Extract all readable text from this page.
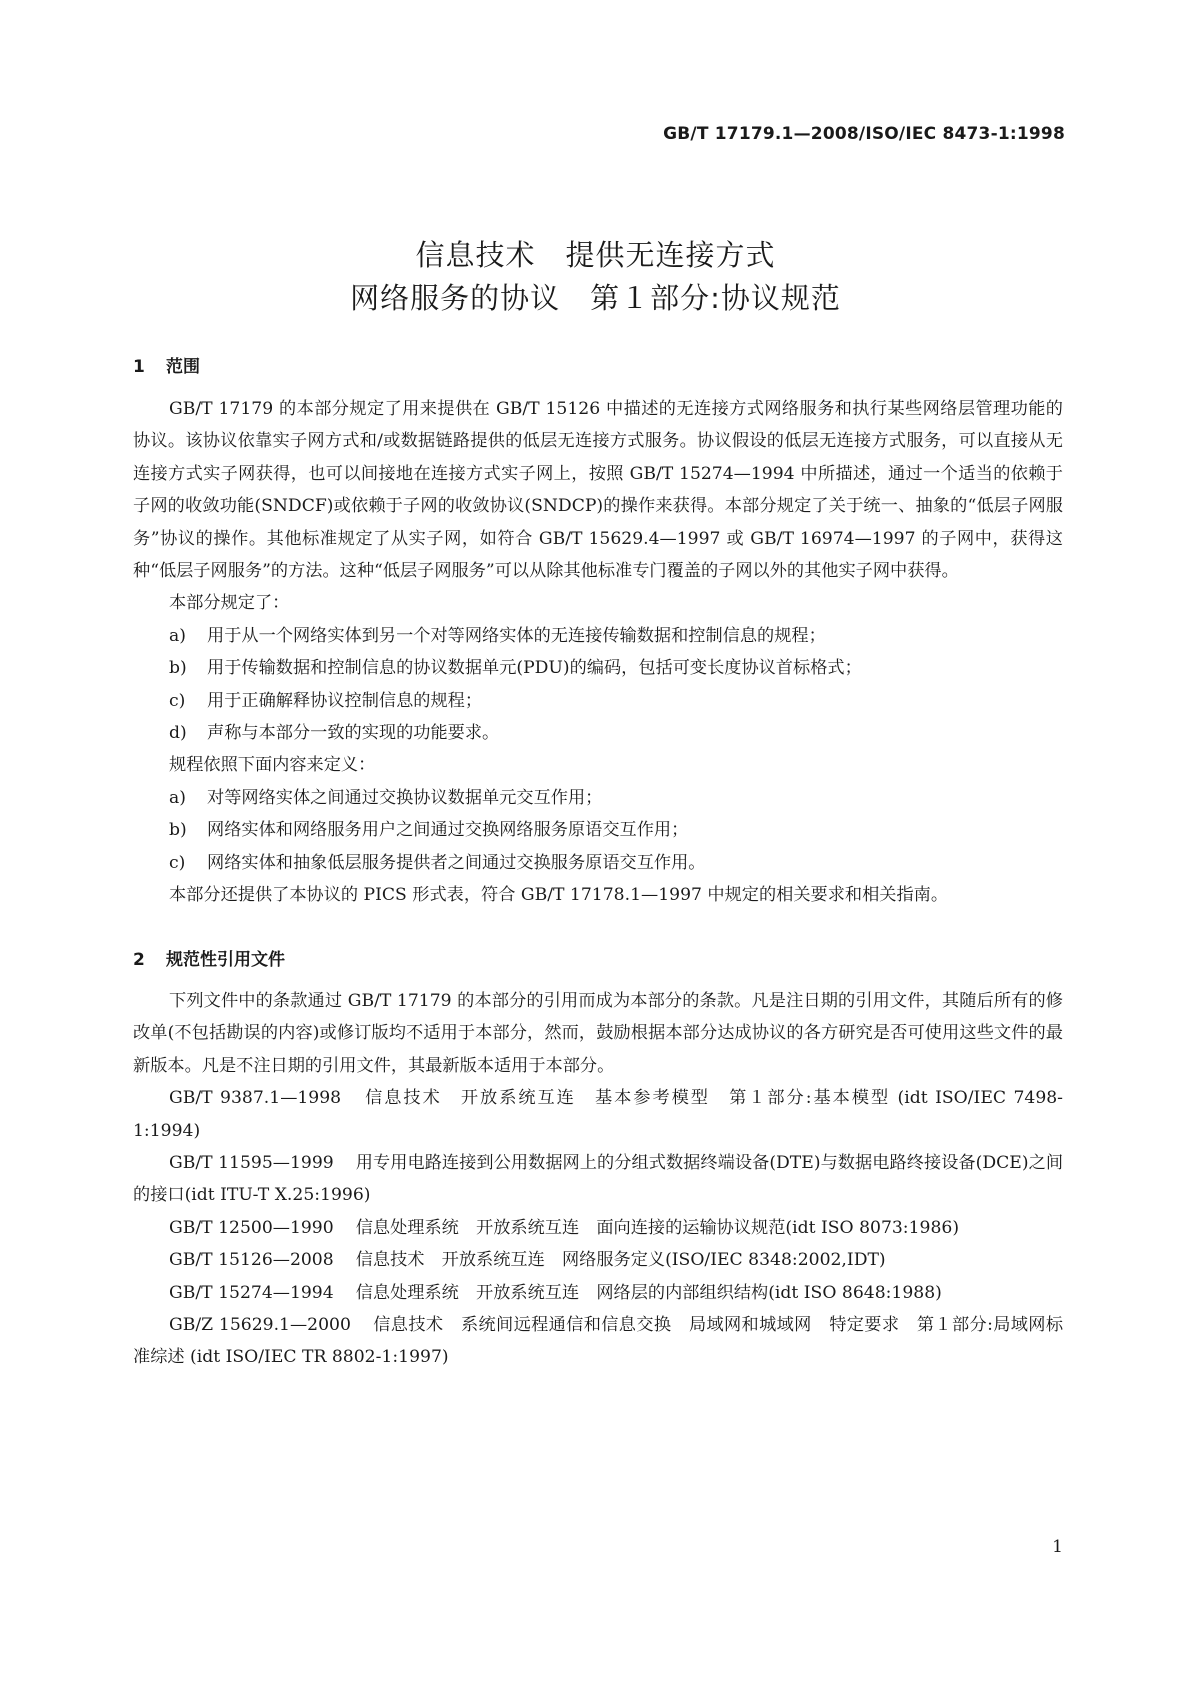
GB/T 17179.1—2008/ISO/IEC 8473-1:1998
信息技术　提供无连接方式
网络服务的协议　第１部分:协议规范
1 范围

GB/T 17179 的本部分规定了用来提供在 GB/T 15126 中描述的无连接方式网络服务和执行某些网络层管理功能的协议。该协议依靠实子网方式和/或数据链路提供的低层无连接方式服务。协议假设的低层无连接方式服务，可以直接从无连接方式实子网获得，也可以间接地在连接方式实子网上，按照 GB/T 15274—1994 中所描述，通过一个适当的依赖于子网的收敛功能(SNDCF)或依赖于子网的收敛协议(SNDCP)的操作来获得。本部分规定了关于统一、抽象的“低层子网服务”协议的操作。其他标准规定了从实子网，如符合 GB/T 15629.4—1997 或 GB/T 16974—1997 的子网中，获得这种“低层子网服务”的方法。这种“低层子网服务”可以从除其他标准专门覆盖的子网以外的其他实子网中获得。

本部分规定了：

a) 用于从一个网络实体到另一个对等网络实体的无连接传输数据和控制信息的规程；
b) 用于传输数据和控制信息的协议数据单元(PDU)的编码，包括可变长度协议首标格式；
c) 用于正确解释协议控制信息的规程；
d) 声称与本部分一致的实现的功能要求。

规程依照下面内容来定义：

a) 对等网络实体之间通过交换协议数据单元交互作用；
b) 网络实体和网络服务用户之间通过交换网络服务原语交互作用；
c) 网络实体和抽象低层服务提供者之间通过交换服务原语交互作用。

本部分还提供了本协议的 PICS 形式表，符合 GB/T 17178.1—1997 中规定的相关要求和相关指南。

2 规范性引用文件

下列文件中的条款通过 GB/T 17179 的本部分的引用而成为本部分的条款。凡是注日期的引用文件，其随后所有的修改单(不包括勘误的内容)或修订版均不适用于本部分，然而，鼓励根据本部分达成协议的各方研究是否可使用这些文件的最新版本。凡是不注日期的引用文件，其最新版本适用于本部分。

GB/T 9387.1—1998 信息技术　开放系统互连　基本参考模型　第１部分:基本模型 (idt ISO/IEC 7498-1:1994)

GB/T 11595—1999 用专用电路连接到公用数据网上的分组式数据终端设备(DTE)与数据电路终接设备(DCE)之间的接口(idt ITU-T X.25:1996)

GB/T 12500—1990 信息处理系统　开放系统互连　面向连接的运输协议规范(idt ISO 8073:1986)

GB/T 15126—2008 信息技术　开放系统互连　网络服务定义(ISO/IEC 8348:2002,IDT)

GB/T 15274—1994 信息处理系统　开放系统互连　网络层的内部组织结构(idt ISO 8648:1988)

GB/Z 15629.1—2000 信息技术　系统间远程通信和信息交换　局域网和城域网　特定要求　第１部分:局域网标准综述 (idt ISO/IEC TR 8802-1:1997)

1
